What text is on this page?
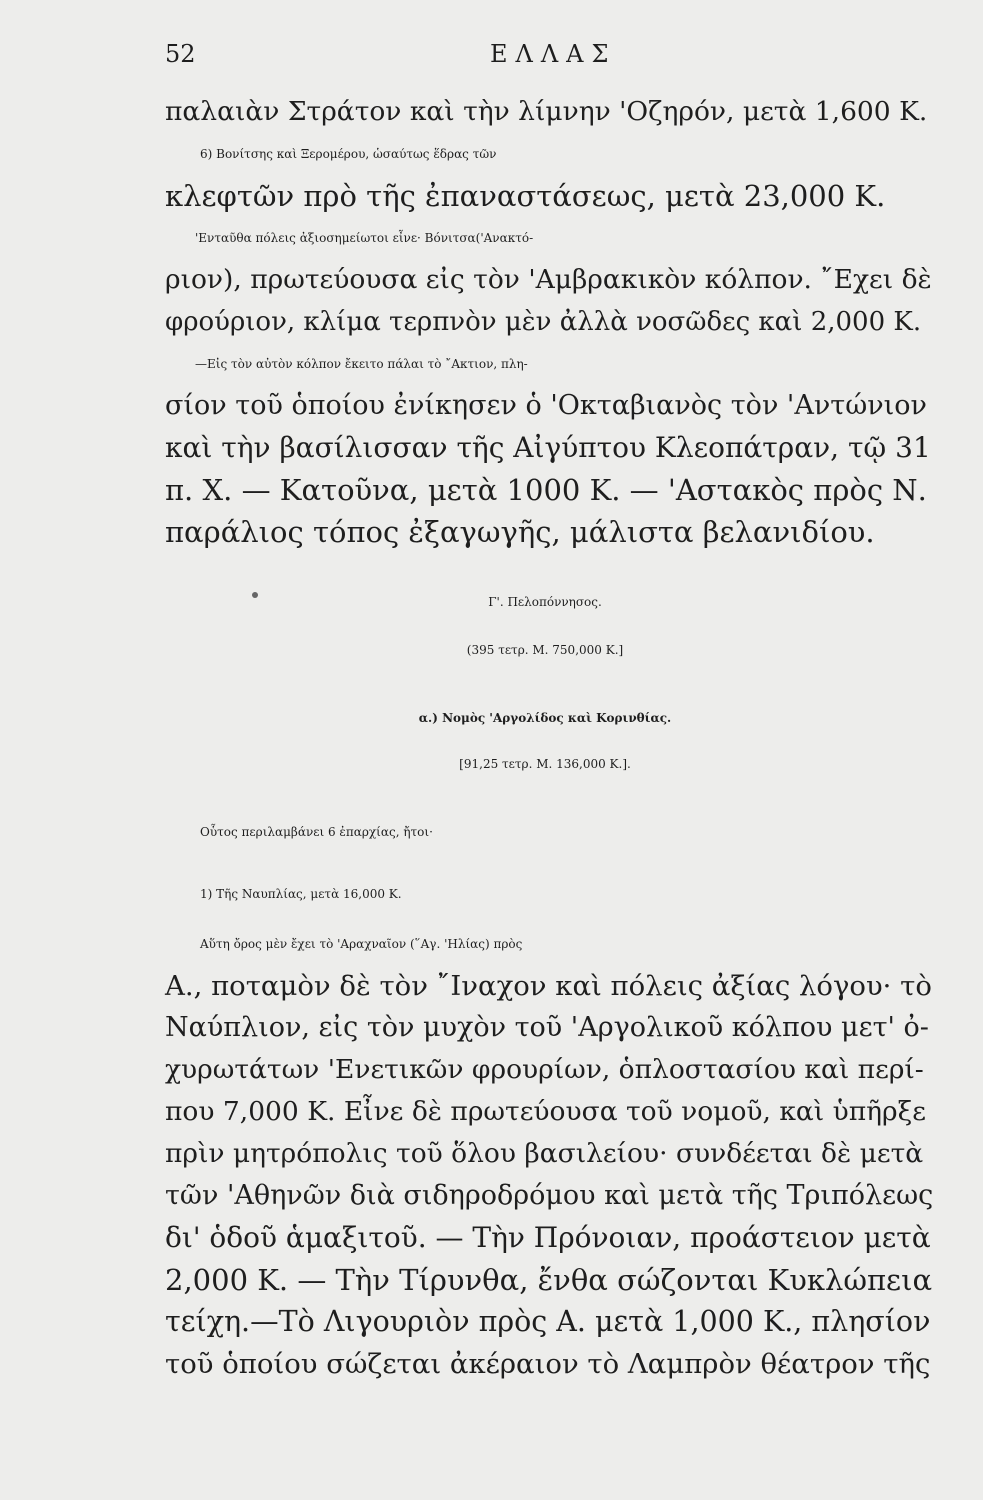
52	ΕΛΛΑΣ
παλαιὰν Στράτον καὶ τὴν λίμνην 'Οζηρόν, μετὰ 1,600 Κ.
6) Βονίτσης καὶ Ξερομέρου, ὡσαύτως ἕδρας τῶν
κλεφτῶν πρὸ τῆς ἐπαναστάσεως, μετὰ 23,000 Κ.
'Ενταῦθα πόλεις ἀξιοσημείωτοι εἶνε· Βόνιτσα('Ανακτό-
ριον), πρωτεύουσα εἰς τὸν 'Αμβρακικὸν κόλπον. ῎Εχει δὲ
φρούριον, κλίμα τερπνὸν μὲν ἀλλὰ νοσῶδες καὶ 2,000 Κ.
—Εἰς τὸν αὐτὸν κόλπον ἔκειτο πάλαι τὸ ῎Ακτιον, πλη-
σίον τοῦ ὁποίου ἐνίκησεν ὁ 'Οκταβιανὸς τὸν 'Αντώνιον
καὶ τὴν βασίλισσαν τῆς Αἰγύπτου Κλεοπάτραν, τῷ 31
π. Χ. — Κατοῦνα, μετὰ 1000 Κ. — 'Αστακὸς πρὸς Ν.
παράλιος τόπος ἐξαγωγῆς, μάλιστα βελανιδίου.
Γ'. Πελοπόννησος.
(395 τετρ. Μ. 750,000 Κ.]
α.) Νομὸς 'Αργολίδος καὶ Κορινθίας.
[91,25 τετρ. Μ. 136,000 Κ.].
Οὗτος περιλαμβάνει 6 ἐπαρχίας, ἤτοι·
1) Τῆς Ναυπλίας, μετὰ 16,000 Κ.
Αὕτη ὄρος μὲν ἔχει τὸ 'Αραχναῖον (῞Αγ. 'Ηλίας) πρὸς
Α., ποταμὸν δὲ τὸν ῎Ιναχον καὶ πόλεις ἀξίας λόγου· τὸ
Ναύπλιον, εἰς τὸν μυχὸν τοῦ 'Αργολικοῦ κόλπου μετ' ὀ-
χυρωτάτων 'Ενετικῶν φρουρίων, ὁπλοστασίου καὶ περί-
που 7,000 Κ. Εἶνε δὲ πρωτεύουσα τοῦ νομοῦ, καὶ ὑπῆρξε
πρὶν μητρόπολις τοῦ ὅλου βασιλείου· συνδέεται δὲ μετὰ
τῶν 'Αθηνῶν διὰ σιδηροδρόμου καὶ μετὰ τῆς Τριπόλεως
δι' ὁδοῦ ἁμαξιτοῦ. — Τὴν Πρόνοιαν, προάστειον μετὰ
2,000 Κ. — Τὴν Τίρυνθα, ἔνθα σώζονται Κυκλώπεια
τείχη.—Τὸ Λιγουριὸν πρὸς Α. μετὰ 1,000 Κ., πλησίον
τοῦ ὁποίου σώζεται ἀκέραιον τὸ Λαμπρὸν θέατρον τῆς
